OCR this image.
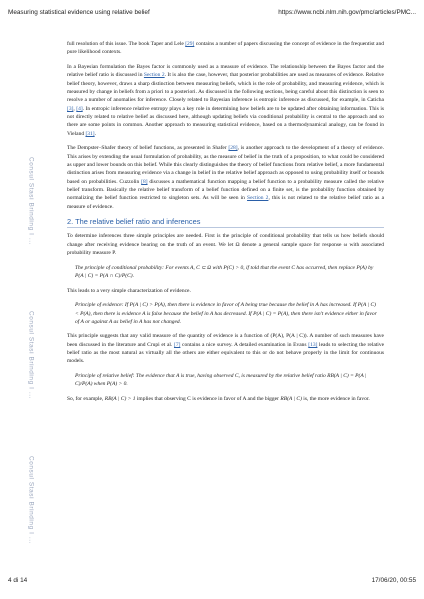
Measuring statistical evidence using relative belief	https://www.ncbi.nlm.nih.gov/pmc/articles/PMC...
Consul Stasi Brinding I ...
Consul Stasi Brinding I ...
Consul Stasi Brinding I ...

full resolution of this issue. The book Taper and Lele [29] contains a number of papers discussing the concept of evidence in the frequentist and pure likelihood contexts.

In a Bayesian formulation the Bayes factor is commonly used as a measure of evidence. The relationship between the Bayes factor and the relative belief ratio is discussed in Section 2. It is also the case, however, that posterior probabilities are used as measures of evidence. Relative belief theory, however, draws a sharp distinction between measuring beliefs, which is the role of probability, and measuring evidence, which is measured by change in beliefs from a priori to a posteriori. As discussed in the following sections, being careful about this distinction is seen to resolve a number of anomalies for inference. Closely related to Bayesian inference is entropic inference as discussed, for example, in Caticha [3], [4]. In entropic inference relative entropy plays a key role in determining how beliefs are to be updated after obtaining information. This is not directly related to relative belief as discussed here, although updating beliefs via conditional probability is central to the approach and so there are some points in common. Another approach to measuring statistical evidence, based on a thermodynamical analogy, can be found in Vieland [31].

The Dempster–Shafer theory of belief functions, as presented in Shafer [28], is another approach to the development of a theory of evidence. This arises by extending the usual formulation of probability, as the measure of belief in the truth of a proposition, to what could be considered as upper and lower bounds on this belief. While this clearly distinguishes the theory of belief functions from relative belief, a more fundamental distinction arises from measuring evidence via a change in belief in the relative belief approach as opposed to using probability itself or bounds based on probabilities. Cuzzolin [8] discusses a mathematical function mapping a belief function to a probability measure called the relative belief transform. Basically the relative belief transform of a belief function defined on a finite set, is the probability function obtained by normalizing the belief function restricted to singleton sets. As will be seen in Section 2, this is not related to the relative belief ratio as a measure of evidence.

2. The relative belief ratio and inferences

To determine inferences three simple principles are needed. First is the principle of conditional probability that tells us how beliefs should change after receiving evidence bearing on the truth of an event. We let Ω denote a general sample space for response ω with associated probability measure P.

The principle of conditional probability: For events A, C ⊂ Ω with P(C) > 0, if told that the event C has occurred, then replace P(A) by P(A | C) = P(A ∩ C)/P(C).

This leads to a very simple characterization of evidence.

Principle of evidence: If P(A | C) > P(A), then there is evidence in favor of A being true because the belief in A has increased. If P(A | C) < P(A), then there is evidence A is false because the belief in A has decreased. If P(A | C) = P(A), then there isn't evidence either in favor of A or against A as belief in A has not changed.

This principle suggests that any valid measure of the quantity of evidence is a function of (P(A), P(A | C)). A number of such measures have been discussed in the literature and Crupi et al. [7] contains a nice survey. A detailed examination in Evans [13] leads to selecting the relative belief ratio as the most natural as virtually all the others are either equivalent to this or do not behave properly in the limit for continuous models.

Principle of relative belief: The evidence that A is true, having observed C, is measured by the relative belief ratio RB(A | C) = P(A | C)/P(A) when P(A) > 0.

So, for example, RB(A | C) > 1 implies that observing C is evidence in favor of A and the bigger RB(A | C) is, the more evidence in favor.

4 di 14	17/06/20, 00:55
